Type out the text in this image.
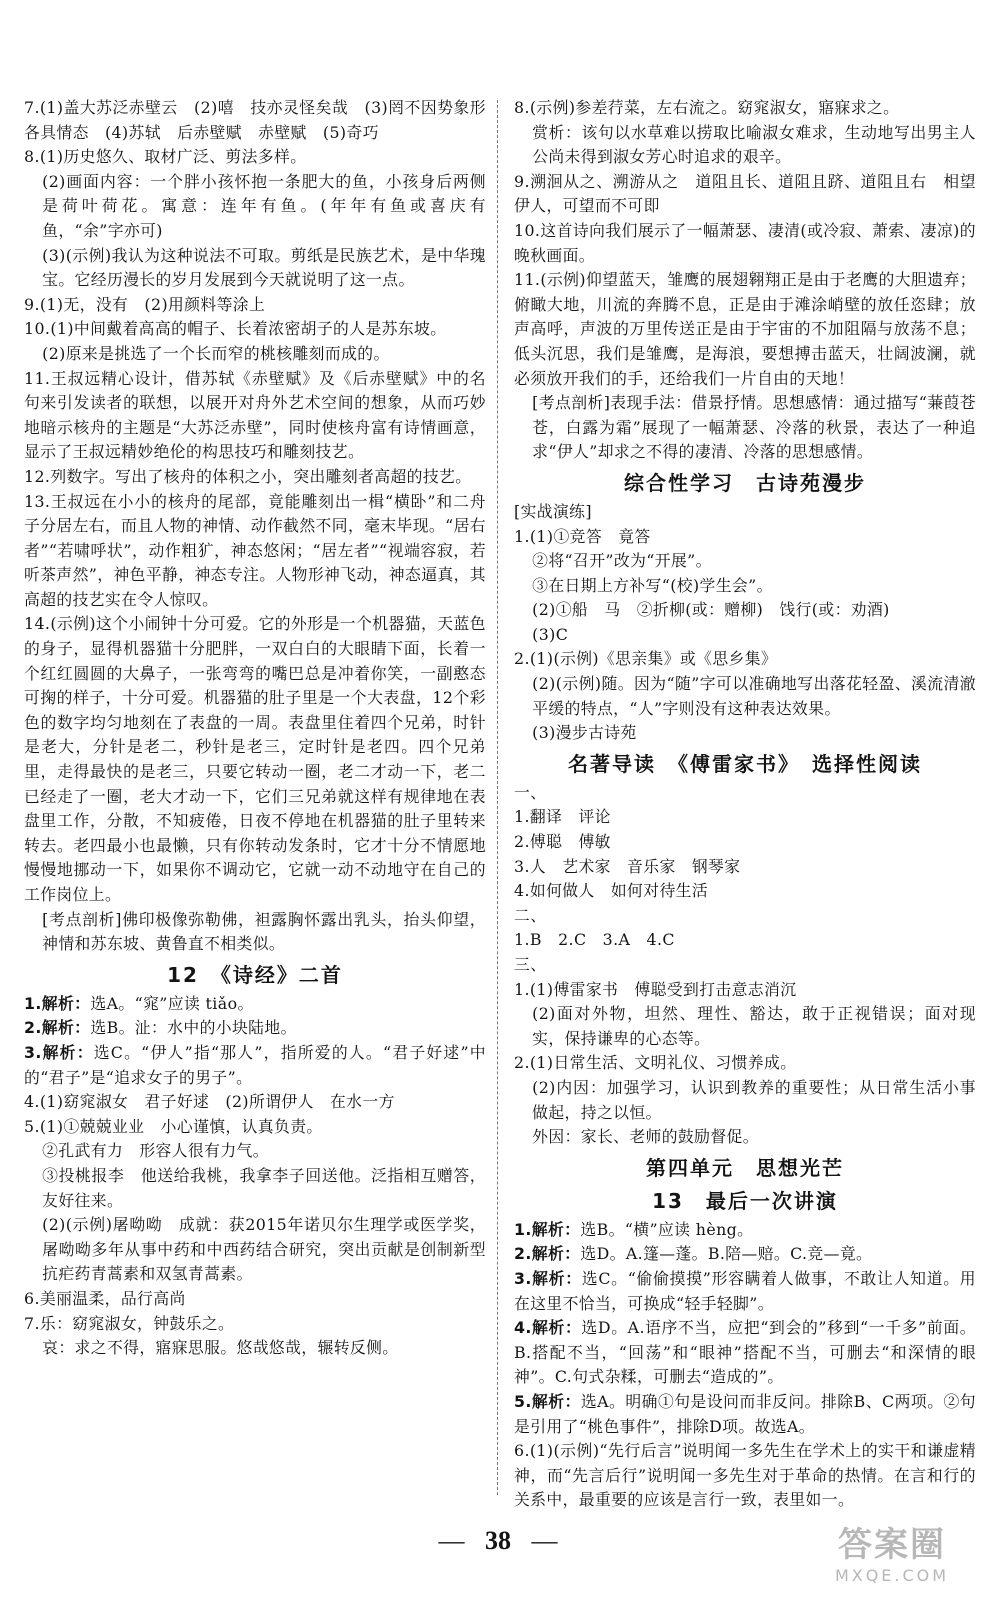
7.(1)盖大苏泛赤壁云　(2)嘻　技亦灵怪矣哉　(3)罔不因势象形　各具情态　(4)苏轼　后赤壁赋　赤壁赋　(5)奇巧

8.(1)历史悠久、取材广泛、剪法多样。

(2)画面内容：一个胖小孩怀抱一条肥大的鱼，小孩身后两侧是荷叶荷花。寓意：连年有鱼。(年年有鱼或喜庆有鱼，“余”字亦可)

(3)(示例)我认为这种说法不可取。剪纸是民族艺术，是中华瑰宝。它经历漫长的岁月发展到今天就说明了这一点。

9.(1)无，没有　(2)用颜料等涂上

10.(1)中间戴着高高的帽子、长着浓密胡子的人是苏东坡。

(2)原来是挑选了一个长而窄的桃核雕刻而成的。

11.王叔远精心设计，借苏轼《赤壁赋》及《后赤壁赋》中的名句来引发读者的联想，以展开对舟外艺术空间的想象，从而巧妙地暗示核舟的主题是“大苏泛赤壁”，同时使核舟富有诗情画意，显示了王叔远精妙绝伦的构思技巧和雕刻技艺。

12.列数字。写出了核舟的体积之小，突出雕刻者高超的技艺。

13.王叔远在小小的核舟的尾部，竟能雕刻出一楫“横卧”和二舟子分居左右，而且人物的神情、动作截然不同，毫末毕现。“居右者”“若啸呼状”，动作粗犷，神态悠闲；“居左者”“视端容寂，若听茶声然”，神色平静，神态专注。人物形神飞动，神态逼真，其高超的技艺实在令人惊叹。

14.(示例)这个小闹钟十分可爱。它的外形是一个机器猫，天蓝色的身子，显得机器猫十分肥胖，一双白白的大眼睛下面，长着一个红红圆圆的大鼻子，一张弯弯的嘴巴总是冲着你笑，一副憨态可掬的样子，十分可爱。机器猫的肚子里是一个大表盘，12个彩色的数字均匀地刻在了表盘的一周。表盘里住着四个兄弟，时针是老大，分针是老二，秒针是老三，定时针是老四。四个兄弟里，走得最快的是老三，只要它转动一圈，老二才动一下，老二已经走了一圈，老大才动一下，它们三兄弟就这样有规律地在表盘里工作，分散，不知疲倦，日夜不停地在机器猫的肚子里转来转去。老四最小也最懒，只有你转动发条时，它才十分不情愿地慢慢地挪动一下，如果你不调动它，它就一动不动地守在自己的工作岗位上。

[考点剖析]佛印极像弥勒佛，袒露胸怀露出乳头，抬头仰望，神情和苏东坡、黄鲁直不相类似。

12　《诗经》二首

1.解析：选A。“窕”应读 tiǎo。

2.解析：选B。沚：水中的小块陆地。

3.解析：选C。“伊人”指“那人”，指所爱的人。“君子好逑”中的“君子”是“追求女子的男子”。

4.(1)窈窕淑女　君子好逑　(2)所谓伊人　在水一方

5.(1)①兢兢业业　小心谨慎，认真负责。

②孔武有力　形容人很有力气。

③投桃报李　他送给我桃，我拿李子回送他。泛指相互赠答，友好往来。

(2)(示例)屠呦呦　成就：获2015年诺贝尔生理学或医学奖，屠呦呦多年从事中药和中西药结合研究，突出贡献是创制新型抗疟药青蒿素和双氢青蒿素。

6.美丽温柔，品行高尚

7.乐：窈窕淑女，钟鼓乐之。

哀：求之不得，寤寐思服。悠哉悠哉，辗转反侧。

8.(示例)参差荇菜，左右流之。窈窕淑女，寤寐求之。

赏析：该句以水草难以捞取比喻淑女难求，生动地写出男主人公尚未得到淑女芳心时追求的艰辛。

9.溯洄从之、溯游从之　道阻且长、道阻且跻、道阻且右　相望伊人，可望而不可即

10.这首诗向我们展示了一幅萧瑟、凄清(或冷寂、萧索、凄凉)的晚秋画面。

11.(示例)仰望蓝天，雏鹰的展翅翱翔正是由于老鹰的大胆遗弃；俯瞰大地，川流的奔腾不息，正是由于滩涂峭壁的放任恣肆；放声高呼，声波的万里传送正是由于宇宙的不加阻隔与放荡不息；低头沉思，我们是雏鹰，是海浪，要想搏击蓝天，壮阔波澜，就必须放开我们的手，还给我们一片自由的天地！

[考点剖析]表现手法：借景抒情。思想感情：通过描写“蒹葭苍苍，白露为霜”展现了一幅萧瑟、冷落的秋景，表达了一种追求“伊人”却求之不得的凄清、冷落的思想感情。

综合性学习　古诗苑漫步

[实战演练]

1.(1)①竞答　竟答

②将“召开”改为“开展”。

③在日期上方补写“(校)学生会”。

(2)①船　马　②折柳(或：赠柳)　饯行(或：劝酒)

(3)C

2.(1)(示例)《思亲集》或《思乡集》

(2)(示例)随。因为“随”字可以准确地写出落花轻盈、溪流清澈平缓的特点，“人”字则没有这种表达效果。

(3)漫步古诗苑

名著导读　《傅雷家书》　选择性阅读

一、

1.翻译　评论

2.傅聪　傅敏

3.人　艺术家　音乐家　钢琴家

4.如何做人　如何对待生活

二、

1.B　2.C　3.A　4.C

三、

1.(1)傅雷家书　傅聪受到打击意志消沉

(2)面对外物，坦然、理性、豁达，敢于正视错误；面对现实，保持谦卑的心态等。

2.(1)日常生活、文明礼仪、习惯养成。

(2)内因：加强学习，认识到教养的重要性；从日常生活小事做起，持之以恒。

外因：家长、老师的鼓励督促。

第四单元　思想光芒
13　最后一次讲演

1.解析：选B。“横”应读 hèng。

2.解析：选D。A.篷—蓬。B.陪—赔。C.竞—竟。

3.解析：选C。“偷偷摸摸”形容瞒着人做事，不敢让人知道。用在这里不恰当，可换成“轻手轻脚”。

4.解析：选D。A.语序不当，应把“到会的”移到“一千多”前面。B.搭配不当，“回荡”和“眼神”搭配不当，可删去“和深情的眼神”。C.句式杂糅，可删去“造成的”。

5.解析：选A。明确①句是设问而非反问。排除B、C两项。②句是引用了“桃色事件”，排除D项。故选A。

6.(1)(示例)“先行后言”说明闻一多先生在学术上的实干和谦虚精神，而“先言后行”说明闻一多先生对于革命的热情。在言和行的关系中，最重要的应该是言行一致，表里如一。

— 38 —	答案圈
MXQE.COM
